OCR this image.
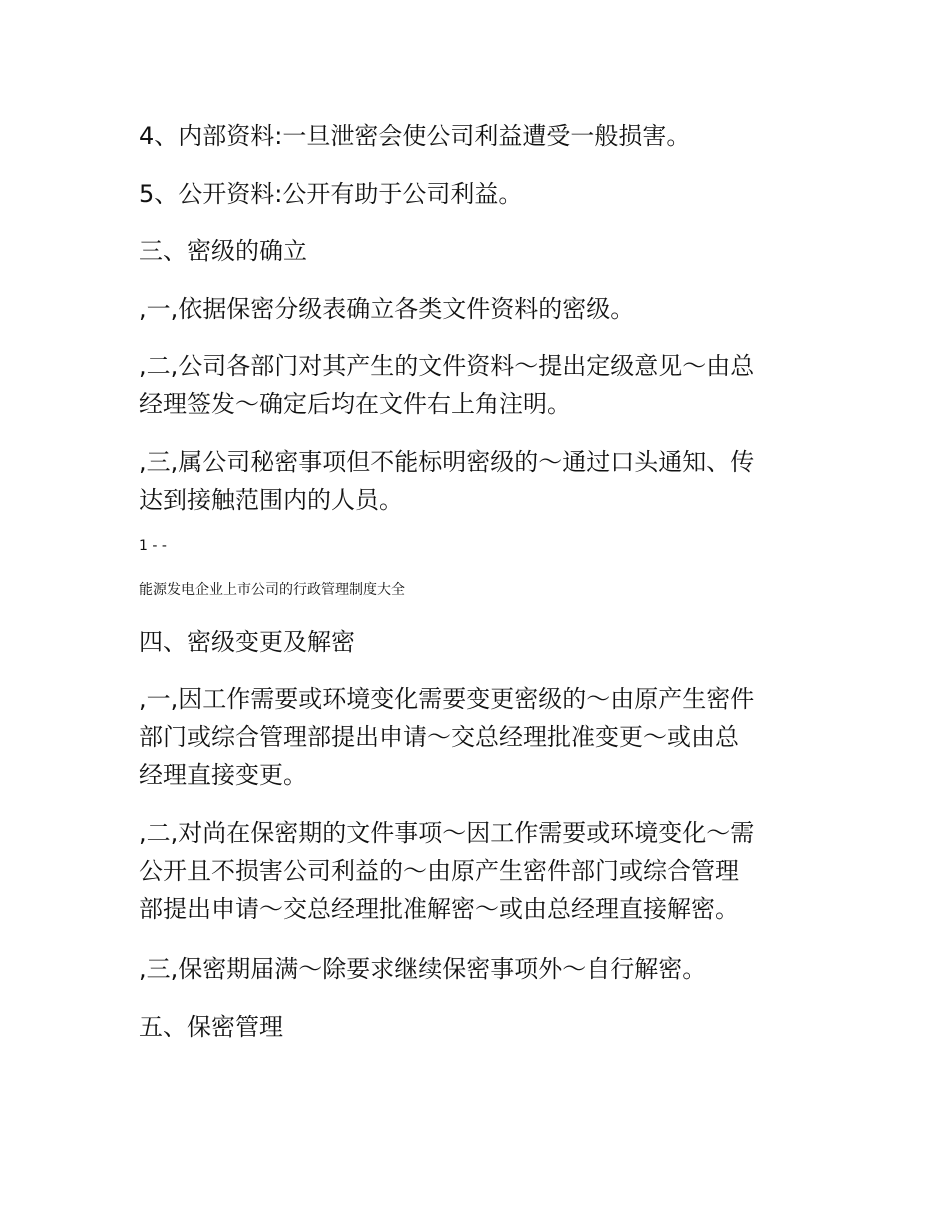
4、内部资料:一旦泄密会使公司利益遭受一般损害。

5、公开资料:公开有助于公司利益。

三、密级的确立

,一,依据保密分级表确立各类文件资料的密级。

,二,公司各部门对其产生的文件资料～提出定级意见～由总
经理签发～确定后均在文件右上角注明。

,三,属公司秘密事项但不能标明密级的～通过口头通知、传
达到接触范围内的人员。

1 - -

能源发电企业上市公司的行政管理制度大全

四、密级变更及解密

,一,因工作需要或环境变化需要变更密级的～由原产生密件
部门或综合管理部提出申请～交总经理批准变更～或由总
经理直接变更。

,二,对尚在保密期的文件事项～因工作需要或环境变化～需
公开且不损害公司利益的～由原产生密件部门或综合管理
部提出申请～交总经理批准解密～或由总经理直接解密。

,三,保密期届满～除要求继续保密事项外～自行解密。

五、保密管理
